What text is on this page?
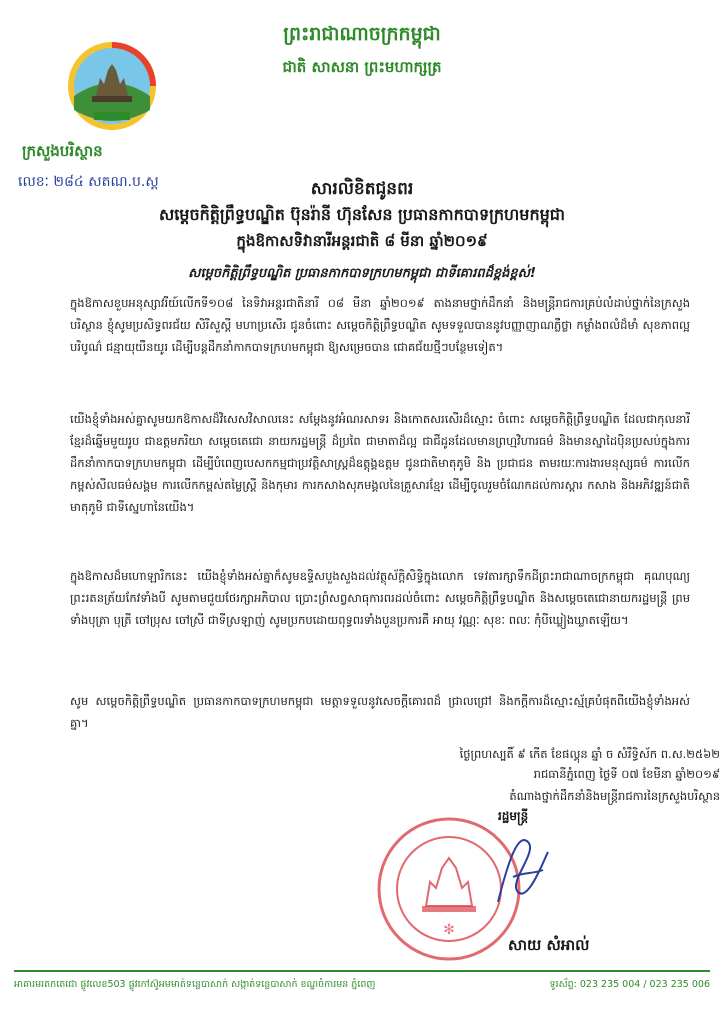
ព្រះរាជាណាចក្រកម្ពុជា
ជាតិ សាសនា ព្រះមហាក្សត្រ
ក្រសួងបរិស្ថាន
លេខៈ ២៨៤ សតណ.ប.ស្ត	សារលិខិតជូនពរ
សម្តេចកិត្តិព្រឹទ្ធបណ្ឌិត ប៊ុនរ៉ានី ហ៊ុនសែន ប្រធានកាកបាទក្រហមកម្ពុជា
ក្នុងឱកាសទិវានារីអន្តរជាតិ ៨ មីនា ឆ្នាំ២០១៩
សម្តេចកិត្តិព្រឹទ្ធបណ្ឌិត ប្រធានកាកបាទក្រហមកម្ពុជា ជាទីគោរពដ៏ខ្ពង់ខ្ពស់!
ក្នុងឱកាសខួបអនុស្សាវរីយ៍លើកទី១០៨ នៃទិវាអន្តរជាតិនារី ០៨ មីនា ឆ្នាំ២០១៩ តាងនាមថ្នាក់ដឹកនាំ និងមន្ត្រីរាជការគ្រប់លំដាប់ថ្នាក់នៃក្រសួងបរិស្ថាន ខ្ញុំសូមប្រសិទ្ធពរជ័យ សិរីសួស្តី មហាប្រសើរ ជូនចំពោះ សម្តេចកិត្តិព្រឹទ្ធបណ្ឌិត សូមទទួលបាននូវបញ្ញាញាណភ្លឺថ្លា កម្លាំងពលំដ៏មាំ សុខភាពល្អបរិបូណ៌ ជន្មាយុយឺនយូរ ដើម្បីបន្តដឹកនាំកាកបាទក្រហមកម្ពុជា ឱ្យសម្រេចបាន ជោគជ័យថ្មីៗបន្ថែមទៀត។
យើងខ្ញុំទាំងអស់គ្នាសូមយកឱកាសដ៏វិសេសវិសាលនេះ សម្តែងនូវអំណរសាទរ និងកោតសរសើរដ៏ស្មោះ ចំពោះ សម្តេចកិត្តិព្រឹទ្ធបណ្ឌិត ដែលជាកុលនារីខ្មែរដ៏ឆ្នើមមួយរូប ជាឧត្តមភរិយា សម្តេចតេជោ នាយករដ្ឋមន្ត្រី ដ៏ប្រពៃ ជាមាតាដ៏ល្អ ជាជីដូនដែលមានព្រហ្មវិហារធម៌ និងមានស្នាដៃប៉ិនប្រសប់ក្នុងការ ដឹកនាំកាកបាទក្រហមកម្ពុជា ដើម្បីបំពេញបេសកកម្មជាប្រវត្តិសាស្ត្រដ៏ឧត្តុង្គឧត្តម ជូនជាតិមាតុភូមិ និង ប្រជាជន តាមរយៈការងារមនុស្សធម៌ ការលើកកម្ពស់សីលធម៌សង្គម ការលើកកម្ពស់តម្លៃស្ត្រី និងកុមារ ការកសាងសុភមង្គលនៃគ្រួសារខ្មែរ ដើម្បីចូលរួមចំណែកដល់ការស្តារ កសាង និងអភិវឌ្ឍន៍ជាតិមាតុភូមិ ជាទីស្នេហានៃយើង។
ក្នុងឱកាសដ៏មហោឡារិកនេះ យើងខ្ញុំទាំងអស់គ្នាក៏សូមឧទ្ទិសបួងសួងដល់វត្ថុស័ក្តិសិទ្ធិក្នុងលោក ទេវតារក្សាទឹកដីព្រះរាជាណាចក្រកម្ពុជា គុណបុណ្យព្រះរតនត្រ័យកែវទាំងបី សូមតាមជួយថែរក្សាអភិបាល ប្រោះព្រំសព្វសាធុការពរដល់ចំពោះ សម្តេចកិត្តិព្រឹទ្ធបណ្ឌិត និងសម្តេចតេជោនាយករដ្ឋមន្ត្រី ព្រមទាំងបុត្រា បុត្រី ចៅប្រុស ចៅស្រី ជាទីស្រឡាញ់ សូមប្រកបដោយពុទ្ធពរទាំងបួនប្រការគឺ អាយុ វណ្ណៈ សុខៈ ពលៈ កុំបីឃ្លៀងឃ្លាតឡើយ។
សូម សម្តេចកិត្តិព្រឹទ្ធបណ្ឌិត ប្រធានកាកបាទក្រហមកម្ពុជា មេត្តាទទួលនូវសេចក្តីគោរពដ៏ ជ្រាលជ្រៅ និងកក្តីការដ៏ស្មោះស្ម័គ្របំផុតពីយើងខ្ញុំទាំងអស់គ្នា។
ថ្ងៃព្រហស្បតិ៍ ៩ កើត ខែផល្គុន ឆ្នាំ ច សំរឹទ្ធិស័ក ព.ស.២៥៦២
រាជធានីភ្នំពេញ ថ្ងៃទី ០៧ ខែមីនា ឆ្នាំ២០១៩
តំណាងថ្នាក់ដឹកនាំនិងមន្ត្រីរាជការនៃក្រសួងបរិស្ថាន
✻
រដ្ឋមន្ត្រី
សាយ សំអាល់
អាគារមរតកតេជោ ផ្លូវលេខ503 ផ្លូវកៅស៊ូអមមាត់ទន្លេបាសាក់ សង្កាត់ទន្លេបាសាក់ ខណ្ឌចំការមន ភ្នំពេញ	ទូរស័ព្ទ: 023 235 004 / 023 235 006
